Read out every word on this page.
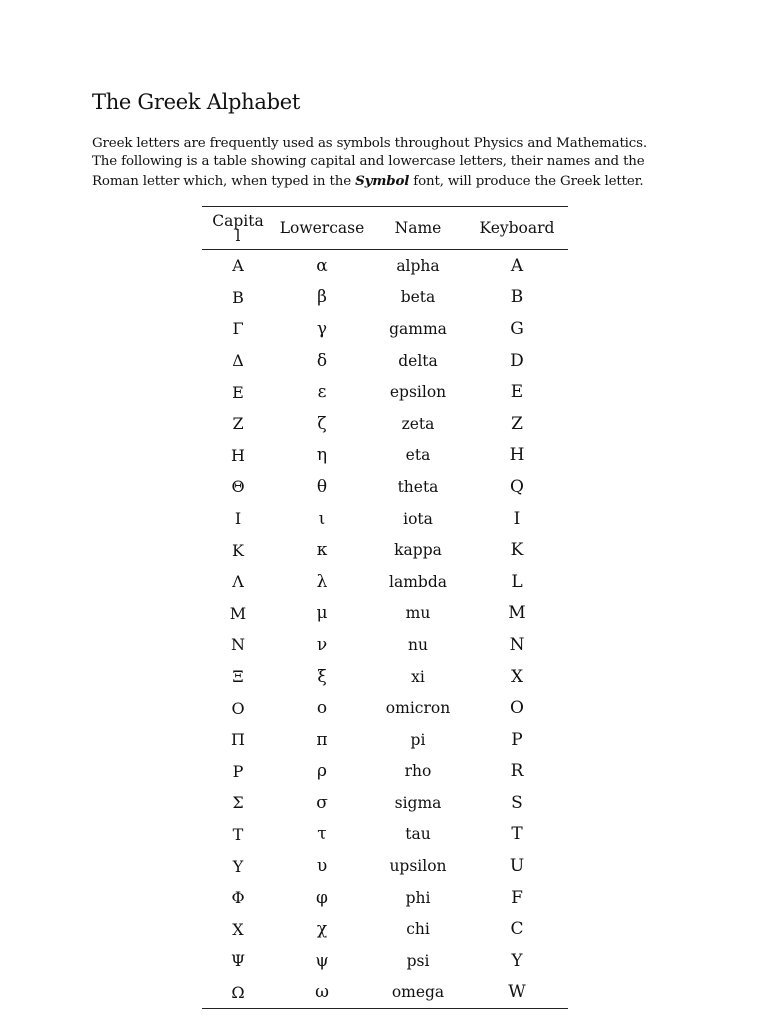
The Greek Alphabet
Greek letters are frequently used as symbols throughout Physics and Mathematics.
The following is a table showing capital and lowercase letters, their names and the
Roman letter which, when typed in the Symbol font, will produce the Greek letter.
Capita
l	Lowercase	Name	Keyboard
Α	α	alpha	A
Β	β	beta	B
Γ	γ	gamma	G
Δ	δ	delta	D
Ε	ε	epsilon	E
Ζ	ζ	zeta	Z
Η	η	eta	H
Θ	θ	theta	Q
Ι	ι	iota	I
Κ	κ	kappa	K
Λ	λ	lambda	L
Μ	μ	mu	M
Ν	ν	nu	N
Ξ	ξ	xi	X
Ο	ο	omicron	O
Π	π	pi	P
Ρ	ρ	rho	R
Σ	σ	sigma	S
Τ	τ	tau	T
Υ	υ	upsilon	U
Φ	φ	phi	F
Χ	χ	chi	C
Ψ	ψ	psi	Y
Ω	ω	omega	W
